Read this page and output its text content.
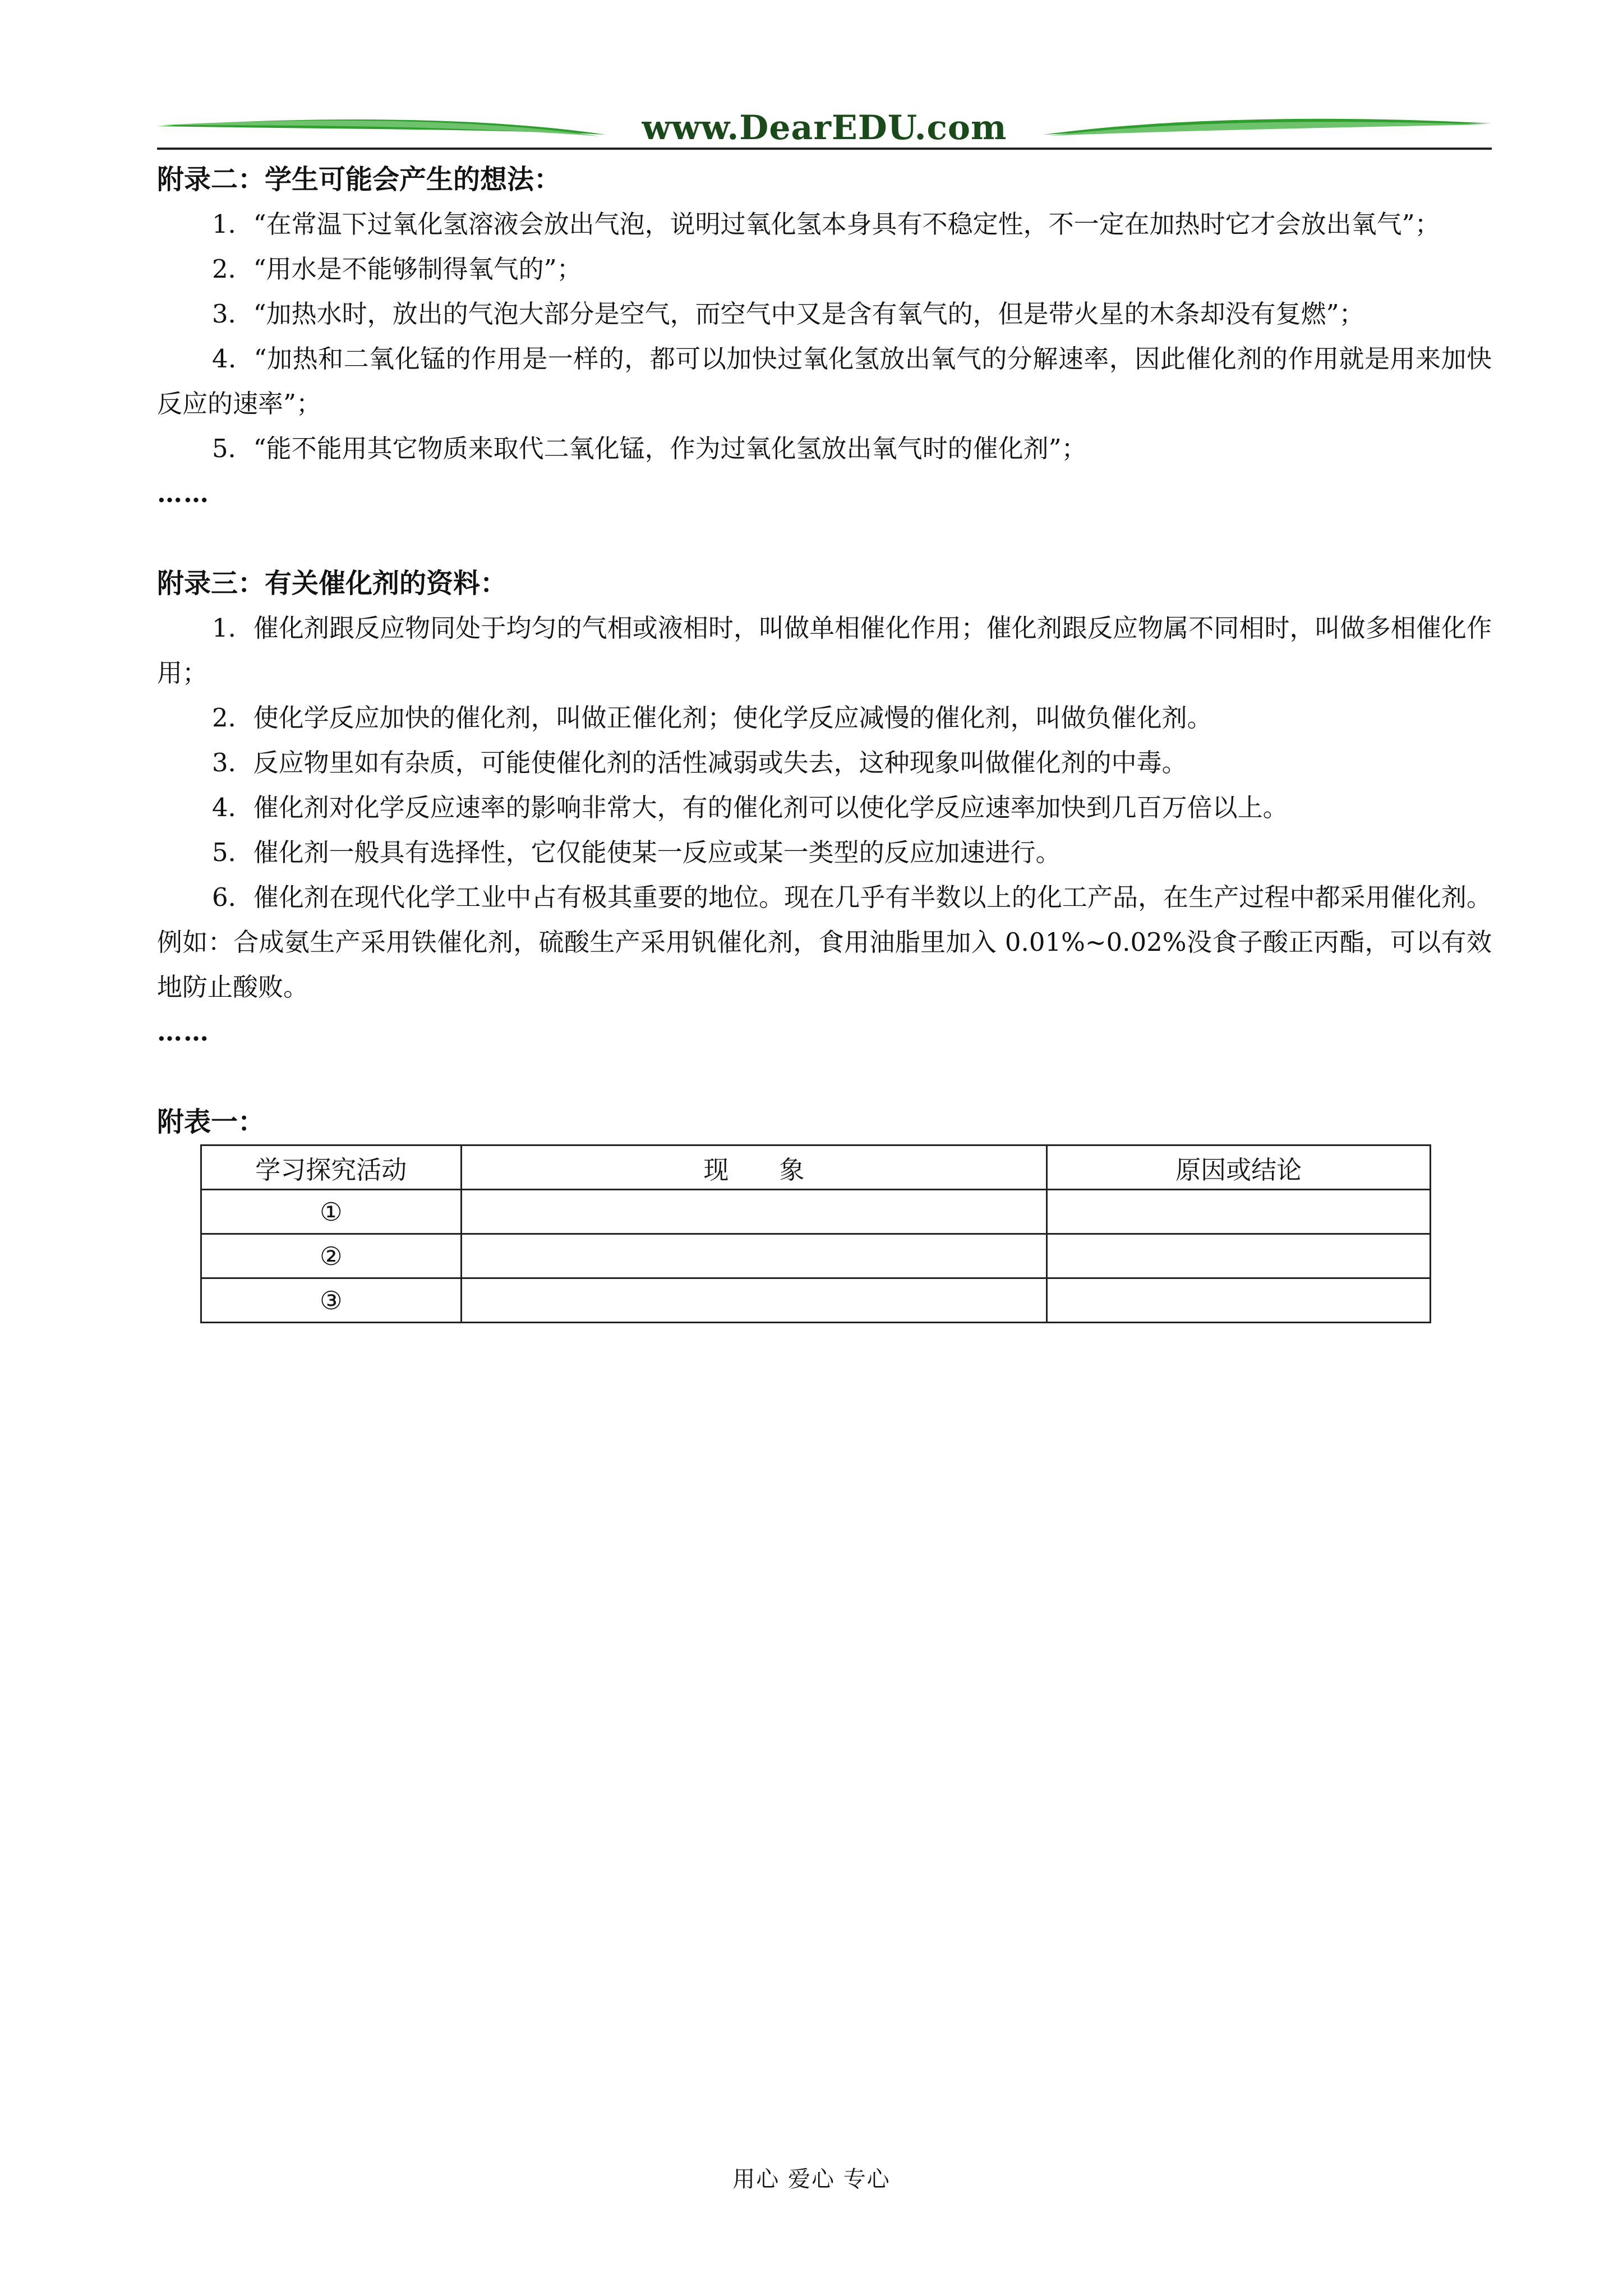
www.DearEDU.com

附录二：学生可能会产生的想法：

1．“在常温下过氧化氢溶液会放出气泡，说明过氧化氢本身具有不稳定性，不一定在加热时它才会放出氧气”；

2．“用水是不能够制得氧气的”；

3．“加热水时，放出的气泡大部分是空气，而空气中又是含有氧气的，但是带火星的木条却没有复燃”；

4．“加热和二氧化锰的作用是一样的，都可以加快过氧化氢放出氧气的分解速率，因此催化剂的作用就是用来加快反应的速率”；

5．“能不能用其它物质来取代二氧化锰，作为过氧化氢放出氧气时的催化剂”；

……

附录三：有关催化剂的资料：

1．催化剂跟反应物同处于均匀的气相或液相时，叫做单相催化作用；催化剂跟反应物属不同相时，叫做多相催化作用；

2．使化学反应加快的催化剂，叫做正催化剂；使化学反应减慢的催化剂，叫做负催化剂。

3．反应物里如有杂质，可能使催化剂的活性减弱或失去，这种现象叫做催化剂的中毒。

4．催化剂对化学反应速率的影响非常大，有的催化剂可以使化学反应速率加快到几百万倍以上。

5．催化剂一般具有选择性，它仅能使某一反应或某一类型的反应加速进行。

6．催化剂在现代化学工业中占有极其重要的地位。现在几乎有半数以上的化工产品，在生产过程中都采用催化剂。例如：合成氨生产采用铁催化剂，硫酸生产采用钒催化剂，食用油脂里加入 0.01%~0.02%没食子酸正丙酯，可以有效地防止酸败。

……

附表一：

学习探究活动	现　　象	原因或结论
①		
②		
③		
用心 爱心 专心
